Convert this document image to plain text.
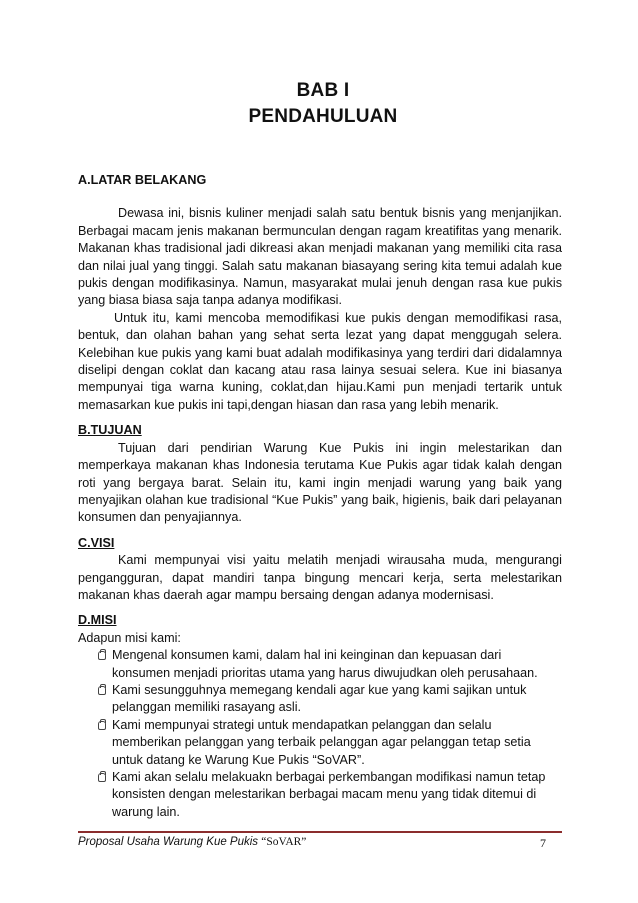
BAB I
PENDAHULUAN
A.LATAR BELAKANG

Dewasa ini, bisnis kuliner menjadi salah satu bentuk bisnis yang menjanjikan. Berbagai macam jenis makanan bermunculan dengan ragam kreatifitas yang menarik. Makanan khas tradisional jadi dikreasi akan menjadi makanan yang memiliki cita rasa dan nilai jual yang tinggi. Salah satu makanan biasayang sering kita temui adalah kue pukis dengan modifikasinya. Namun, masyarakat mulai jenuh dengan rasa kue pukis yang biasa biasa saja tanpa adanya modifikasi.

Untuk itu, kami mencoba memodifikasi kue pukis dengan memodifikasi rasa, bentuk, dan olahan bahan yang sehat serta lezat yang dapat menggugah selera. Kelebihan kue pukis yang kami buat adalah modifikasinya yang terdiri dari didalamnya diselipi dengan coklat dan kacang atau rasa lainya sesuai selera. Kue ini biasanya mempunyai tiga warna kuning, coklat,dan hijau.Kami pun menjadi tertarik untuk memasarkan kue pukis ini tapi,dengan hiasan dan rasa yang lebih menarik.

B.TUJUAN

Tujuan dari pendirian Warung Kue Pukis ini ingin melestarikan dan memperkaya makanan khas Indonesia terutama Kue Pukis agar tidak kalah dengan roti yang bergaya barat. Selain itu, kami ingin menjadi warung yang baik yang menyajikan olahan kue tradisional “Kue Pukis” yang baik, higienis, baik dari pelayanan konsumen dan penyajiannya.

C.VISI

Kami mempunyai visi yaitu melatih menjadi wirausaha muda, mengurangi pengangguran, dapat mandiri tanpa bingung mencari kerja, serta melestarikan makanan khas daerah agar mampu bersaing dengan adanya modernisasi.

D.MISI
Adapun misi kami:
Mengenal konsumen kami, dalam hal ini keinginan dan kepuasan dari konsumen menjadi prioritas utama yang harus diwujudkan oleh perusahaan.
Kami sesungguhnya memegang kendali agar kue yang kami sajikan untuk pelanggan memiliki rasayang asli.
Kami mempunyai strategi untuk mendapatkan pelanggan dan selalu memberikan pelanggan yang terbaik pelanggan agar pelanggan tetap setia untuk datang ke Warung Kue Pukis “SoVAR”.
Kami akan selalu melakuakn berbagai perkembangan modifikasi namun tetap konsisten dengan melestarikan berbagai macam menu yang tidak ditemui di warung lain.
Proposal Usaha Warung Kue Pukis “SoVAR”	7
